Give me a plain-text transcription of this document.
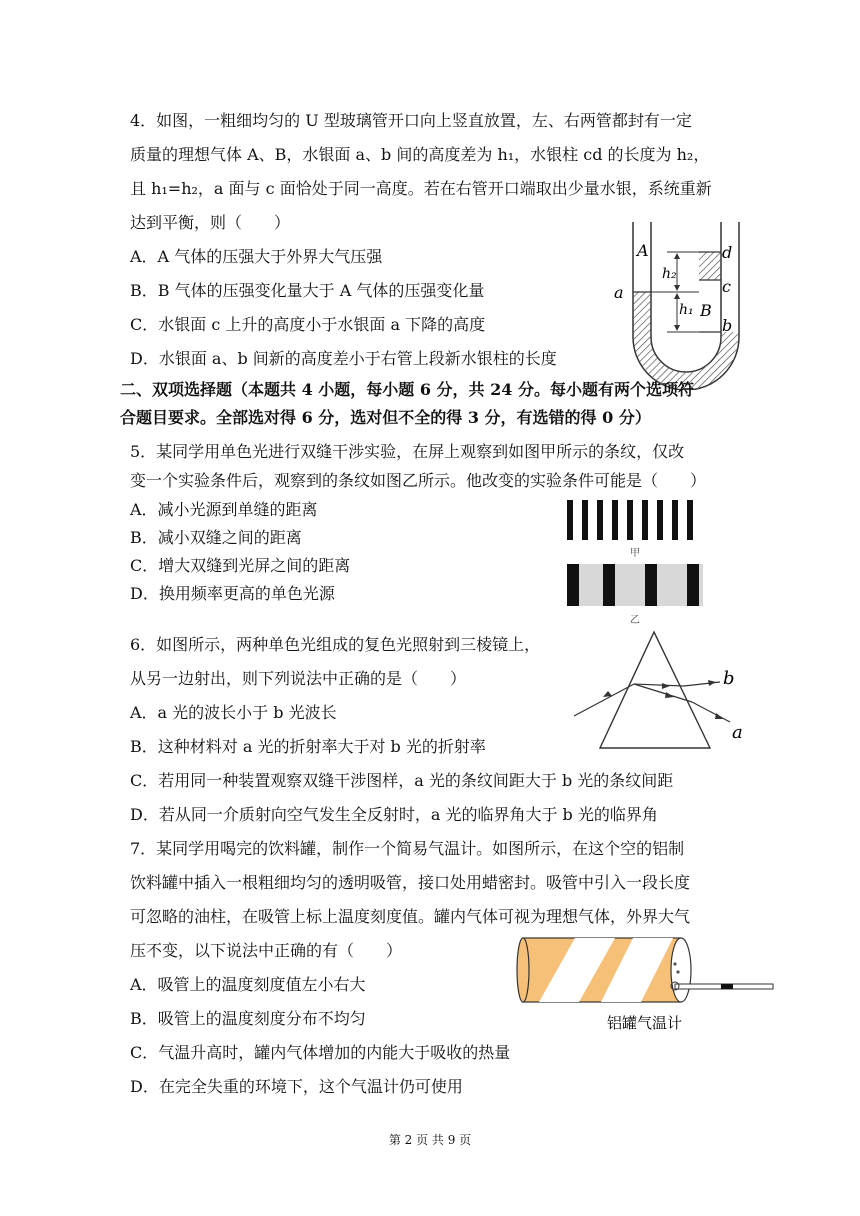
4．如图，一粗细均匀的 U 型玻璃管开口向上竖直放置，左、右两管都封有一定
质量的理想气体 A、B，水银面 a、b 间的高度差为 h₁，水银柱 cd 的长度为 h₂，
且 h₁=h₂，a 面与 c 面恰处于同一高度。若在右管开口端取出少量水银，系统重新
达到平衡，则（　　）
A．A 气体的压强大于外界大气压强
B．B 气体的压强变化量大于 A 气体的压强变化量
C．水银面 c 上升的高度小于水银面 a 下降的高度
D．水银面 a、b 间新的高度差小于右管上段新水银柱的长度
A
B
a
b
c
d
h₂
h₁
二、双项选择题（本题共 4 小题，每小题 6 分，共 24 分。每小题有两个选项符
合题目要求。全部选对得 6 分，选对但不全的得 3 分，有选错的得 0 分）
5．某同学用单色光进行双缝干涉实验，在屏上观察到如图甲所示的条纹，仅改
变一个实验条件后，观察到的条纹如图乙所示。他改变的实验条件可能是（　　）
A．减小光源到单缝的距离
B．减小双缝之间的距离
C．增大双缝到光屏之间的距离
D．换用频率更高的单色光源
甲
乙
6．如图所示，两种单色光组成的复色光照射到三棱镜上，
从另一边射出，则下列说法中正确的是（　　）
A．a 光的波长小于 b 光波长
B．这种材料对 a 光的折射率大于对 b 光的折射率
C．若用同一种装置观察双缝干涉图样，a 光的条纹间距大于 b 光的条纹间距
D．若从同一介质射向空气发生全反射时，a 光的临界角大于 b 光的临界角
b
a
7．某同学用喝完的饮料罐，制作一个简易气温计。如图所示，在这个空的铝制
饮料罐中插入一根粗细均匀的透明吸管，接口处用蜡密封。吸管中引入一段长度
可忽略的油柱，在吸管上标上温度刻度值。罐内气体可视为理想气体，外界大气
压不变，以下说法中正确的有（　　）
A．吸管上的温度刻度值左小右大
B．吸管上的温度刻度分布不均匀
C．气温升高时，罐内气体增加的内能大于吸收的热量
D．在完全失重的环境下，这个气温计仍可使用
铝罐气温计
第 2 页 共 9 页
